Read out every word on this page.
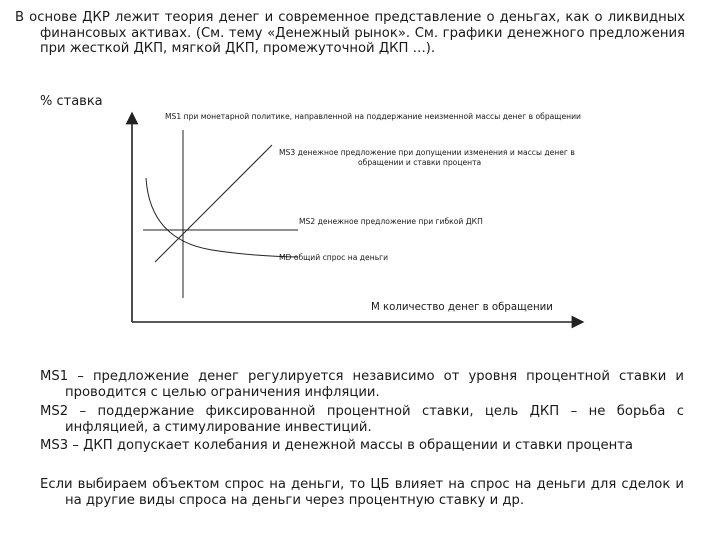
В основе ДКР лежит теория денег и современное представление о деньгах, как о ликвидных финансовых активах. (См. тему «Денежный рынок». См. графики денежного предложения при жесткой ДКП, мягкой ДКП, промежуточной ДКП …).
% ставка
MS1 при монетарной политике, направленной на поддержание неизменной массы денег в обращении
MS3 денежное предложение при допущении изменения и массы денег в
обращении и ставки процента
MS2 денежное предложение при гибкой ДКП
MD общий спрос на деньги
М количество денег в обращении
MS1 – предложение денег регулируется независимо от уровня процентной ставки и проводится с целью ограничения инфляции.
MS2 – поддержание фиксированной процентной ставки, цель ДКП – не борьба с инфляцией, а стимулирование инвестиций.
MS3 – ДКП допускает колебания и денежной массы в обращении и ставки процента
Если выбираем объектом спрос на деньги, то ЦБ влияет на спрос на деньги для сделок и на другие виды спроса на деньги через процентную ставку и др.
